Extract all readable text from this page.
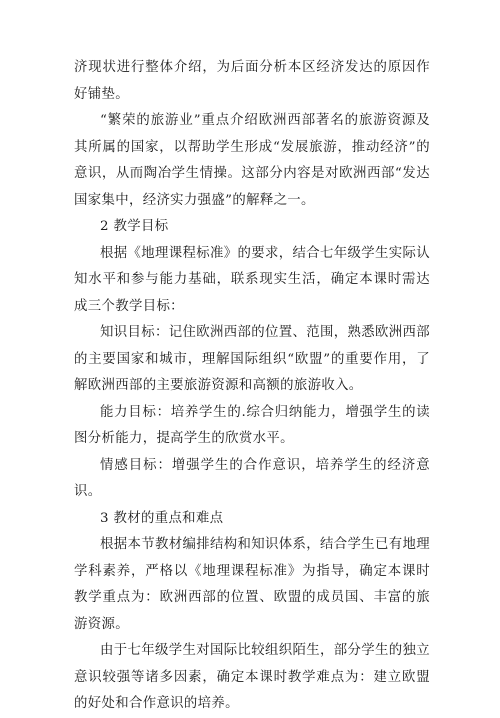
济现状进行整体介绍，为后面分析本区经济发达的原因作好铺垫。

“繁荣的旅游业”重点介绍欧洲西部著名的旅游资源及其所属的国家，以帮助学生形成“发展旅游，推动经济”的意识，从而陶冶学生情操。这部分内容是对欧洲西部“发达国家集中，经济实力强盛”的解释之一。

2 教学目标

根据《地理课程标准》的要求，结合七年级学生实际认知水平和参与能力基础，联系现实生活，确定本课时需达成三个教学目标：

知识目标：记住欧洲西部的位置、范围，熟悉欧洲西部的主要国家和城市，理解国际组织“欧盟”的重要作用，了解欧洲西部的主要旅游资源和高额的旅游收入。

能力目标：培养学生的.综合归纳能力，增强学生的读图分析能力，提高学生的欣赏水平。

情感目标：增强学生的合作意识，培养学生的经济意识。

3 教材的重点和难点

根据本节教材编排结构和知识体系，结合学生已有地理学科素养，严格以《地理课程标准》为指导，确定本课时教学重点为：欧洲西部的位置、欧盟的成员国、丰富的旅游资源。

由于七年级学生对国际比较组织陌生，部分学生的独立意识较强等诸多因素，确定本课时教学难点为：建立欧盟的好处和合作意识的培养。
